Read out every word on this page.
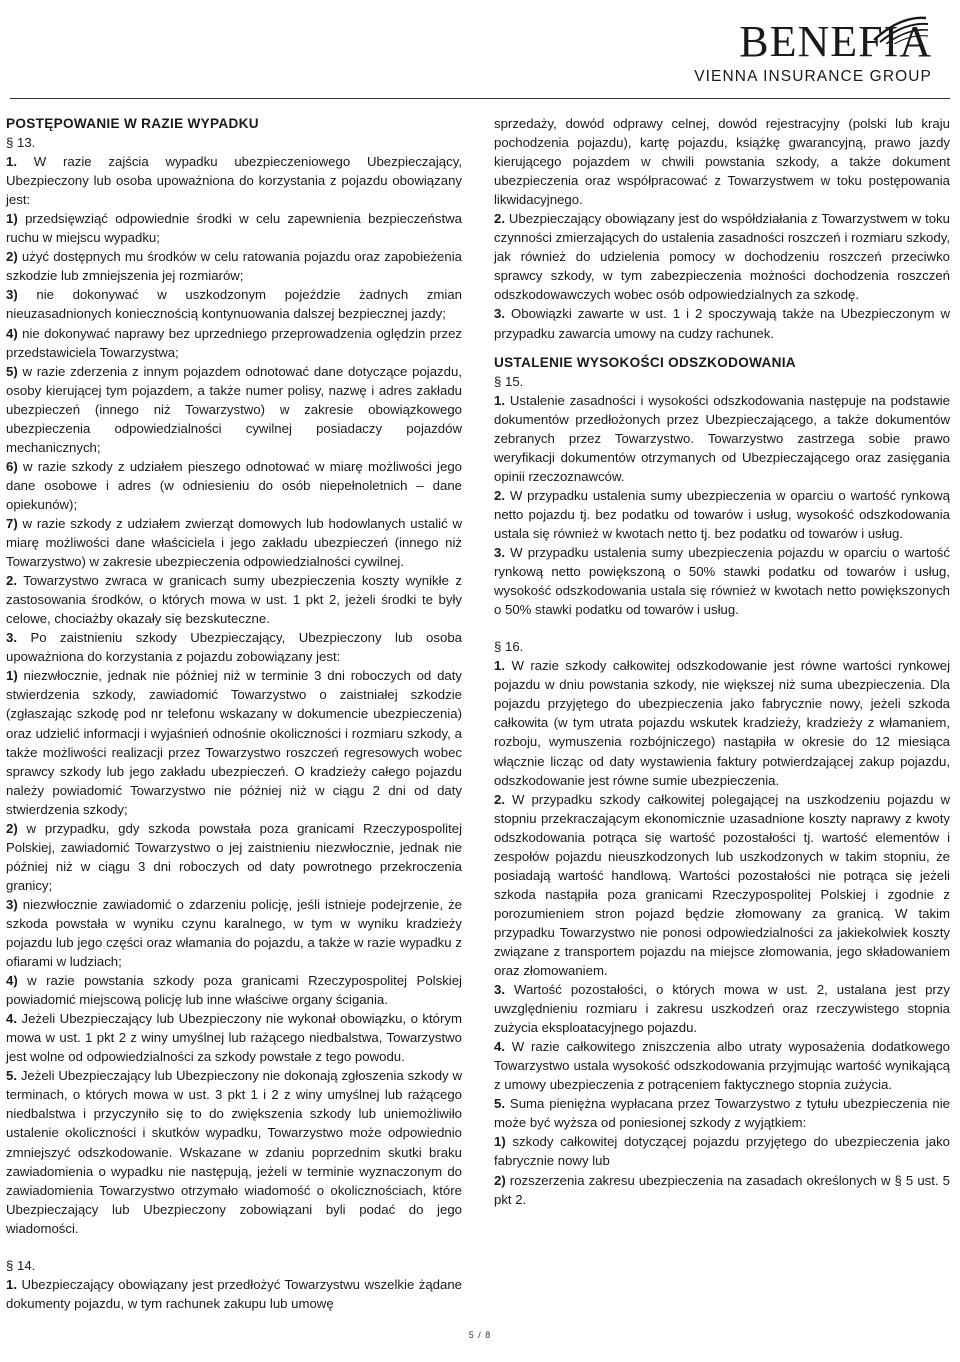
BENEFIA
VIENNA INSURANCE GROUP

POSTĘPOWANIE W RAZIE WYPADKU

§ 13.

1. W razie zajścia wypadku ubezpieczeniowego Ubezpieczający, Ubezpieczony lub osoba upoważniona do korzystania z pojazdu obowiązany jest:

1) przedsięwziąć odpowiednie środki w celu zapewnienia bezpieczeństwa ruchu w miejscu wypadku;

2) użyć dostępnych mu środków w celu ratowania pojazdu oraz zapobieżenia szkodzie lub zmniejszenia jej rozmiarów;

3) nie dokonywać w uszkodzonym pojeździe żadnych zmian nieuzasadnionych koniecznością kontynuowania dalszej bezpiecznej jazdy;

4) nie dokonywać naprawy bez uprzedniego przeprowadzenia oględzin przez przedstawiciela Towarzystwa;

5) w razie zderzenia z innym pojazdem odnotować dane dotyczące pojazdu, osoby kierującej tym pojazdem, a także numer polisy, nazwę i adres zakładu ubezpieczeń (innego niż Towarzystwo) w zakresie obowiązkowego ubezpieczenia odpowiedzialności cywilnej posiadaczy pojazdów mechanicznych;

6) w razie szkody z udziałem pieszego odnotować w miarę możliwości jego dane osobowe i adres (w odniesieniu do osób niepełnoletnich – dane opiekunów);

7) w razie szkody z udziałem zwierząt domowych lub hodowlanych ustalić w miarę możliwości dane właściciela i jego zakładu ubezpieczeń (innego niż Towarzystwo) w zakresie ubezpieczenia odpowiedzialności cywilnej.

2. Towarzystwo zwraca w granicach sumy ubezpieczenia koszty wynikłe z zastosowania środków, o których mowa w ust. 1 pkt 2, jeżeli środki te były celowe, chociażby okazały się bezskuteczne.

3. Po zaistnieniu szkody Ubezpieczający, Ubezpieczony lub osoba upoważniona do korzystania z pojazdu zobowiązany jest:

1) niezwłocznie, jednak nie później niż w terminie 3 dni roboczych od daty stwierdzenia szkody, zawiadomić Towarzystwo o zaistniałej szkodzie (zgłaszając szkodę pod nr telefonu wskazany w dokumencie ubezpieczenia) oraz udzielić informacji i wyjaśnień odnośnie okoliczności i rozmiaru szkody, a także możliwości realizacji przez Towarzystwo roszczeń regresowych wobec sprawcy szkody lub jego zakładu ubezpieczeń. O kradzieży całego pojazdu należy powiadomić Towarzystwo nie później niż w ciągu 2 dni od daty stwierdzenia szkody;

2) w przypadku, gdy szkoda powstała poza granicami Rzeczypospolitej Polskiej, zawiadomić Towarzystwo o jej zaistnieniu niezwłocznie, jednak nie później niż w ciągu 3 dni roboczych od daty powrotnego przekroczenia granicy;

3) niezwłocznie zawiadomić o zdarzeniu policję, jeśli istnieje podejrzenie, że szkoda powstała w wyniku czynu karalnego, w tym w wyniku kradzieży pojazdu lub jego części oraz włamania do pojazdu, a także w razie wypadku z ofiarami w ludziach;

4) w razie powstania szkody poza granicami Rzeczypospolitej Polskiej powiadomić miejscową policję lub inne właściwe organy ścigania.

4. Jeżeli Ubezpieczający lub Ubezpieczony nie wykonał obowiązku, o którym mowa w ust. 1 pkt 2 z winy umyślnej lub rażącego niedbalstwa, Towarzystwo jest wolne od odpowiedzialności za szkody powstałe z tego powodu.

5. Jeżeli Ubezpieczający lub Ubezpieczony nie dokonają zgłoszenia szkody w terminach, o których mowa w ust. 3 pkt 1 i 2 z winy umyślnej lub rażącego niedbalstwa i przyczyniło się to do zwiększenia szkody lub uniemożliwiło ustalenie okoliczności i skutków wypadku, Towarzystwo może odpowiednio zmniejszyć odszkodowanie. Wskazane w zdaniu poprzednim skutki braku zawiadomienia o wypadku nie następują, jeżeli w terminie wyznaczonym do zawiadomienia Towarzystwo otrzymało wiadomość o okolicznościach, które Ubezpieczający lub Ubezpieczony zobowiązani byli podać do jego wiadomości.

§ 14.

1. Ubezpieczający obowiązany jest przedłożyć Towarzystwu wszelkie żądane dokumenty pojazdu, w tym rachunek zakupu lub umowę

sprzedaży, dowód odprawy celnej, dowód rejestracyjny (polski lub kraju pochodzenia pojazdu), kartę pojazdu, książkę gwarancyjną, prawo jazdy kierującego pojazdem w chwili powstania szkody, a także dokument ubezpieczenia oraz współpracować z Towarzystwem w toku postępowania likwidacyjnego.

2. Ubezpieczający obowiązany jest do współdziałania z Towarzystwem w toku czynności zmierzających do ustalenia zasadności roszczeń i rozmiaru szkody, jak również do udzielenia pomocy w dochodzeniu roszczeń przeciwko sprawcy szkody, w tym zabezpieczenia możności dochodzenia roszczeń odszkodowawczych wobec osób odpowiedzialnych za szkodę.

3. Obowiązki zawarte w ust. 1 i 2 spoczywają także na Ubezpieczonym w przypadku zawarcia umowy na cudzy rachunek.

USTALENIE WYSOKOŚCI ODSZKODOWANIA

§ 15.

1. Ustalenie zasadności i wysokości odszkodowania następuje na podstawie dokumentów przedłożonych przez Ubezpieczającego, a także dokumentów zebranych przez Towarzystwo. Towarzystwo zastrzega sobie prawo weryfikacji dokumentów otrzymanych od Ubezpieczającego oraz zasięgania opinii rzeczoznawców.

2. W przypadku ustalenia sumy ubezpieczenia w oparciu o wartość rynkową netto pojazdu tj. bez podatku od towarów i usług, wysokość odszkodowania ustala się również w kwotach netto tj. bez podatku od towarów i usług.

3. W przypadku ustalenia sumy ubezpieczenia pojazdu w oparciu o wartość rynkową netto powiększoną o 50% stawki podatku od towarów i usług, wysokość odszkodowania ustala się również w kwotach netto powiększonych o 50% stawki podatku od towarów i usług.

§ 16.

1. W razie szkody całkowitej odszkodowanie jest równe wartości rynkowej pojazdu w dniu powstania szkody, nie większej niż suma ubezpieczenia. Dla pojazdu przyjętego do ubezpieczenia jako fabrycznie nowy, jeżeli szkoda całkowita (w tym utrata pojazdu wskutek kradzieży, kradzieży z włamaniem, rozboju, wymuszenia rozbójniczego) nastąpiła w okresie do 12 miesiąca włącznie licząc od daty wystawienia faktury potwierdzającej zakup pojazdu, odszkodowanie jest równe sumie ubezpieczenia.

2. W przypadku szkody całkowitej polegającej na uszkodzeniu pojazdu w stopniu przekraczającym ekonomicznie uzasadnione koszty naprawy z kwoty odszkodowania potrąca się wartość pozostałości tj. wartość elementów i zespołów pojazdu nieuszkodzonych lub uszkodzonych w takim stopniu, że posiadają wartość handlową. Wartości pozostałości nie potrąca się jeżeli szkoda nastąpiła poza granicami Rzeczypospolitej Polskiej i zgodnie z porozumieniem stron pojazd będzie złomowany za granicą. W takim przypadku Towarzystwo nie ponosi odpowiedzialności za jakiekolwiek koszty związane z transportem pojazdu na miejsce złomowania, jego składowaniem oraz złomowaniem.

3. Wartość pozostałości, o których mowa w ust. 2, ustalana jest przy uwzględnieniu rozmiaru i zakresu uszkodzeń oraz rzeczywistego stopnia zużycia eksploatacyjnego pojazdu.

4. W razie całkowitego zniszczenia albo utraty wyposażenia dodatkowego Towarzystwo ustala wysokość odszkodowania przyjmując wartość wynikającą z umowy ubezpieczenia z potrąceniem faktycznego stopnia zużycia.

5. Suma pieniężna wypłacana przez Towarzystwo z tytułu ubezpieczenia nie może być wyższa od poniesionej szkody z wyjątkiem:

1) szkody całkowitej dotyczącej pojazdu przyjętego do ubezpieczenia jako fabrycznie nowy lub

2) rozszerzenia zakresu ubezpieczenia na zasadach określonych w § 5 ust. 5 pkt 2.

5 / 8
